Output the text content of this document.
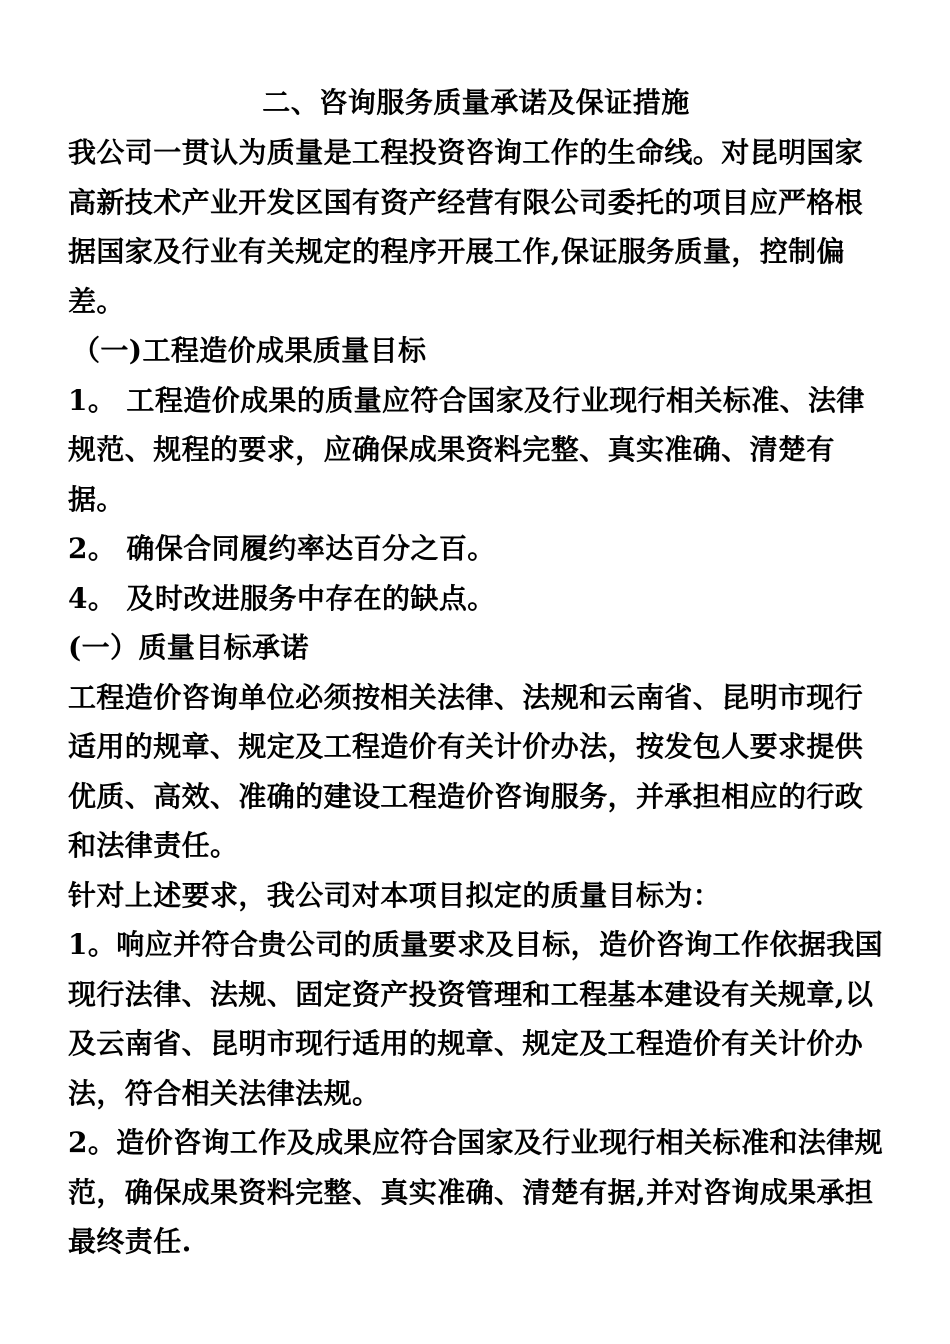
二、咨询服务质量承诺及保证措施

我公司一贯认为质量是工程投资咨询工作的生命线。对昆明国家高新技术产业开发区国有资产经营有限公司委托的项目应严格根据国家及行业有关规定的程序开展工作,保证服务质量，控制偏差。

（一)工程造价成果质量目标

1。 工程造价成果的质量应符合国家及行业现行相关标准、法律规范、规程的要求，应确保成果资料完整、真实准确、清楚有据。

2。 确保合同履约率达百分之百。

4。 及时改进服务中存在的缺点。

(一）质量目标承诺

工程造价咨询单位必须按相关法律、法规和云南省、昆明市现行适用的规章、规定及工程造价有关计价办法，按发包人要求提供优质、高效、准确的建设工程造价咨询服务，并承担相应的行政和法律责任。

针对上述要求，我公司对本项目拟定的质量目标为：

1。响应并符合贵公司的质量要求及目标，造价咨询工作依据我国现行法律、法规、固定资产投资管理和工程基本建设有关规章,以及云南省、昆明市现行适用的规章、规定及工程造价有关计价办法，符合相关法律法规。

2。造价咨询工作及成果应符合国家及行业现行相关标准和法律规范，确保成果资料完整、真实准确、清楚有据,并对咨询成果承担最终责任.
